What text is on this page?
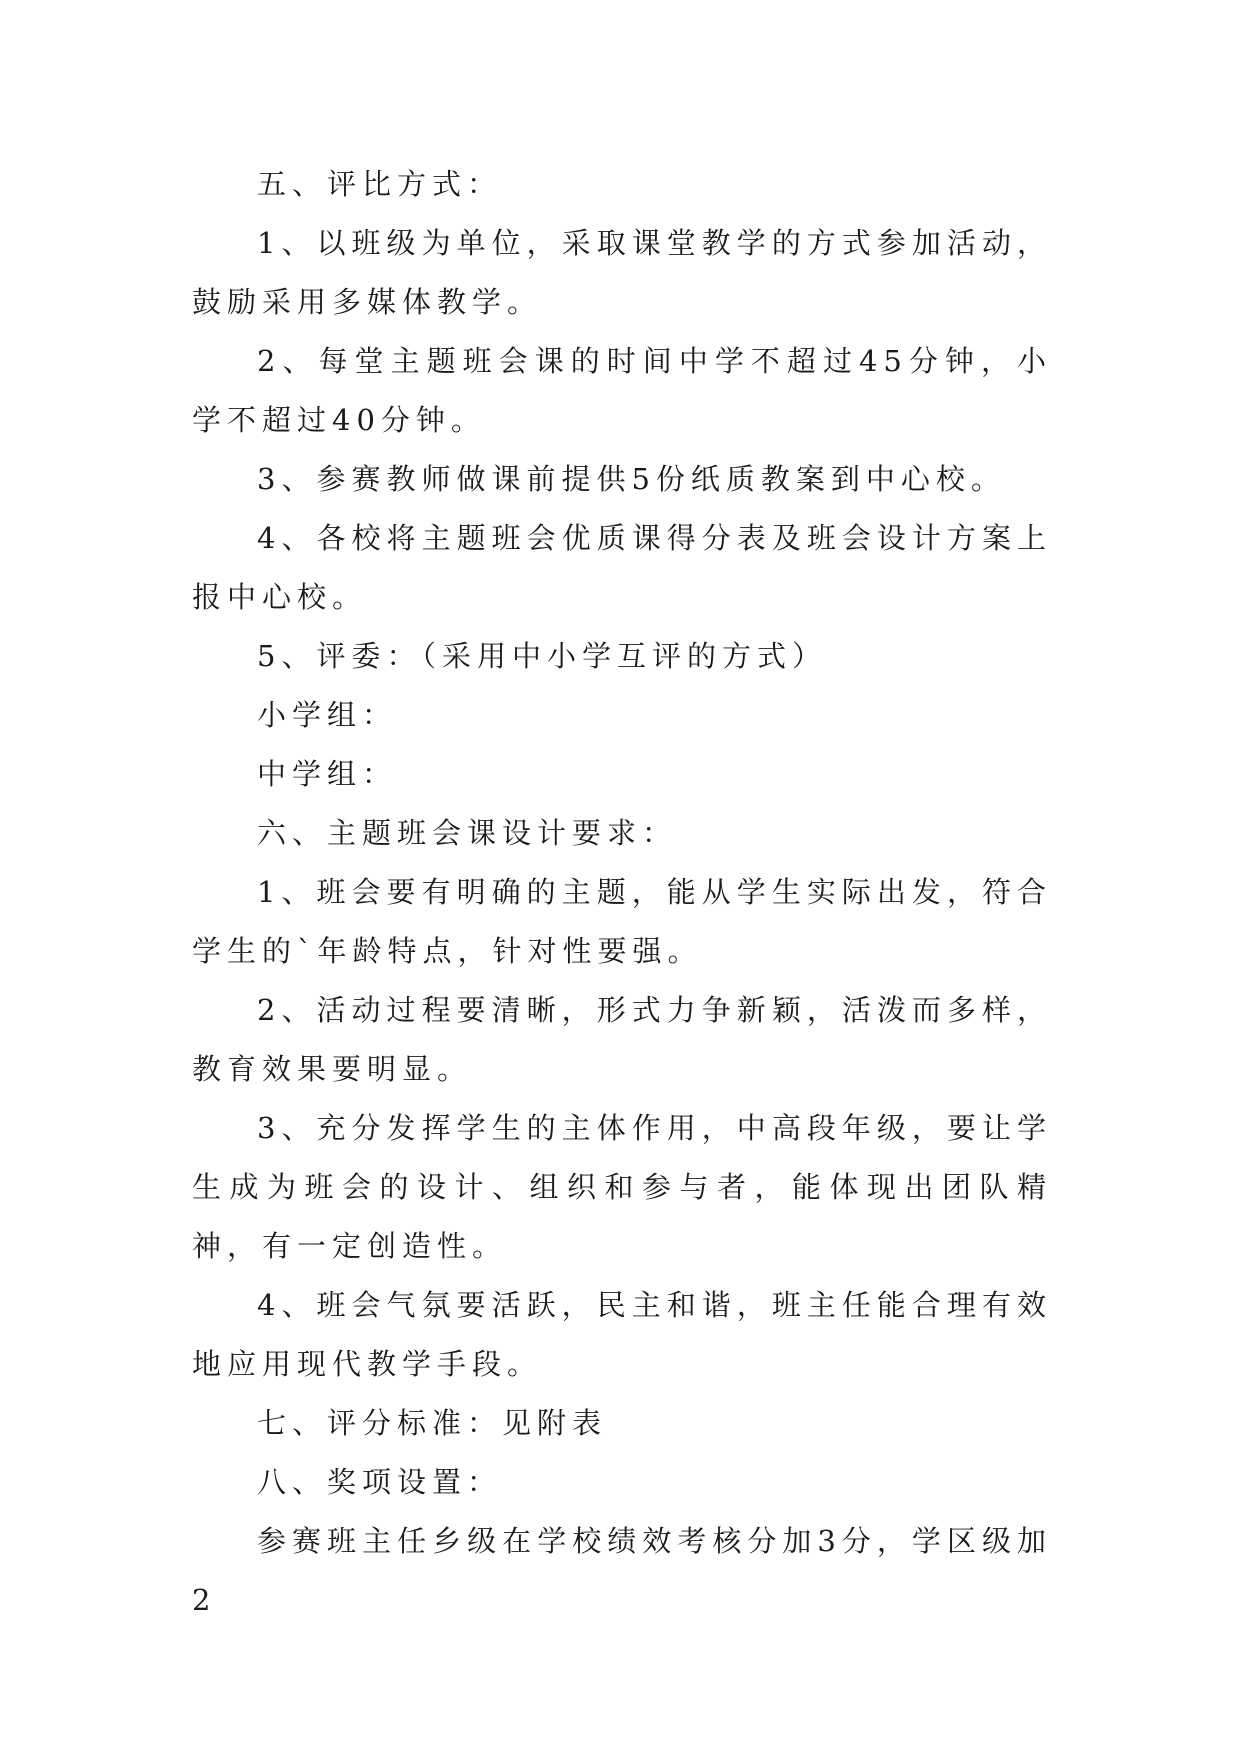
五、评比方式：

1、以班级为单位，采取课堂教学的方式参加活动，鼓励采用多媒体教学。

2、每堂主题班会课的时间中学不超过45分钟，小学不超过40分钟。

3、参赛教师做课前提供5份纸质教案到中心校。

4、各校将主题班会优质课得分表及班会设计方案上报中心校。

5、评委：（采用中小学互评的方式）

小学组：

中学组：

六、主题班会课设计要求：

1、班会要有明确的主题，能从学生实际出发，符合学生的`年龄特点，针对性要强。

2、活动过程要清晰，形式力争新颖，活泼而多样，教育效果要明显。

3、充分发挥学生的主体作用，中高段年级，要让学生成为班会的设计、组织和参与者，能体现出团队精神，有一定创造性。

4、班会气氛要活跃，民主和谐，班主任能合理有效地应用现代教学手段。

七、评分标准：见附表

八、奖项设置：

参赛班主任乡级在学校绩效考核分加3分，学区级加2
